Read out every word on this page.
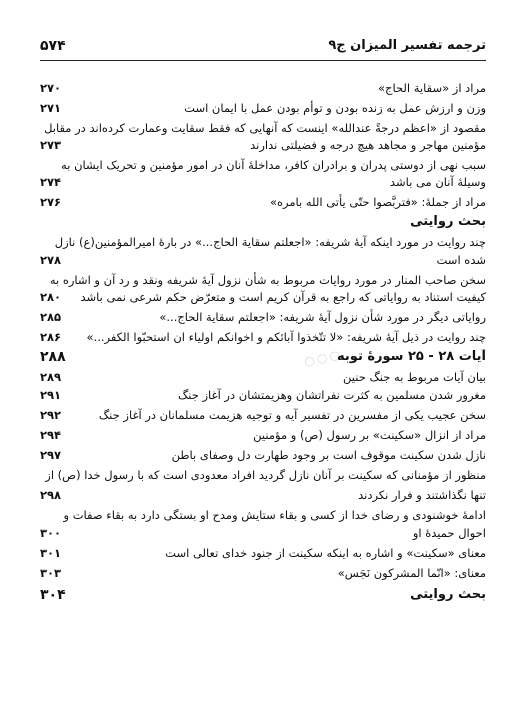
۵۷۴	ترجمه تفسیر المیزان ج۹
◯ ◯ ◯
مراد از «سقایة الحاج»
۲۷۰
وزن و ارزش عمل به زنده بودن و توأم بودن عمل با ایمان است
۲۷۱
مقصود از «اعظم درجةً عندالله» اینست که آنهایی که فقط سقایت وعمارت کرده‌اند در مقابل
مؤمنین مهاجر و مجاهد هیچ درجه و فضیلتی ندارند
۲۷۳
سبب نهی از دوستی پدران و برادران کافر، مداخلهٔ آنان در امور مؤمنین و تحریک ایشان به
وسیلهٔ آنان می باشد
۲۷۴
مراد از جملهٔ: «فتربَّصوا حتّی یأتی الله بامره»
۲۷۶
بحث روایتی
چند روایت در مورد اینکه آیهٔ شریفه: «اجعلتم سقایة الحاج...» در بارهٔ امیرالمؤمنین(ع) نازل
شده است
۲۷۸
سخن صاحب المنار در مورد روایات مربوط به شأن نزول آیهٔ شریفه ونقد و رد آن و اشاره به
کیفیت استناد به روایاتی که راجع به قرآن کریم است و متعرّض حکم شرعی نمی باشد
۲۸۰
روایاتی دیگر در مورد شأن نزول آیهٔ شریفه: «اجعلتم سقایة الحاج...»
۲۸۵
چند روایت در ذیل آیهٔ شریفه: «لا تتّخذوا آبائکم و اخوانکم اولیاء ان استحبّوا الکفر...»
۲۸۶
آیات ۲۸ - ۲۵ سورهٔ توبه
۲۸۸
بیان آیات مربوط به جنگ حنین
۲۸۹
مغرور شدن مسلمین به کثرت نفراتشان وهزیمتشان در آغاز جنگ
۲۹۱
سخن عجیب یکی از مفسرین در تفسیر آیه و توجیه هزیمت مسلمانان در آغاز جنگ
۲۹۲
مراد از انزال «سکینت» بر رسول (ص) و مؤمنین
۲۹۴
نازل شدن سکینت موقوف است بر وجود طهارت دل وصفای باطن
۲۹۷
منظور از مؤمنانی که سکینت بر آنان نازل گردید افراد معدودی است که با رسول خدا (ص) از
تنها نگذاشتند و فرار نکردند
۲۹۸
ادامهٔ خوشنودی و رضای خدا از کسی و بقاء ستایش ومدح او بستگی دارد به بقاء صفات و
احوال حمیدهٔ او
۳۰۰
معنای «سکینت» و اشاره به اینکه سکینت از جنود خدای تعالی است
۳۰۱
معنای: «انّما المشرکون نَجَس»
۳۰۳
بحث روایتی
۳۰۴
